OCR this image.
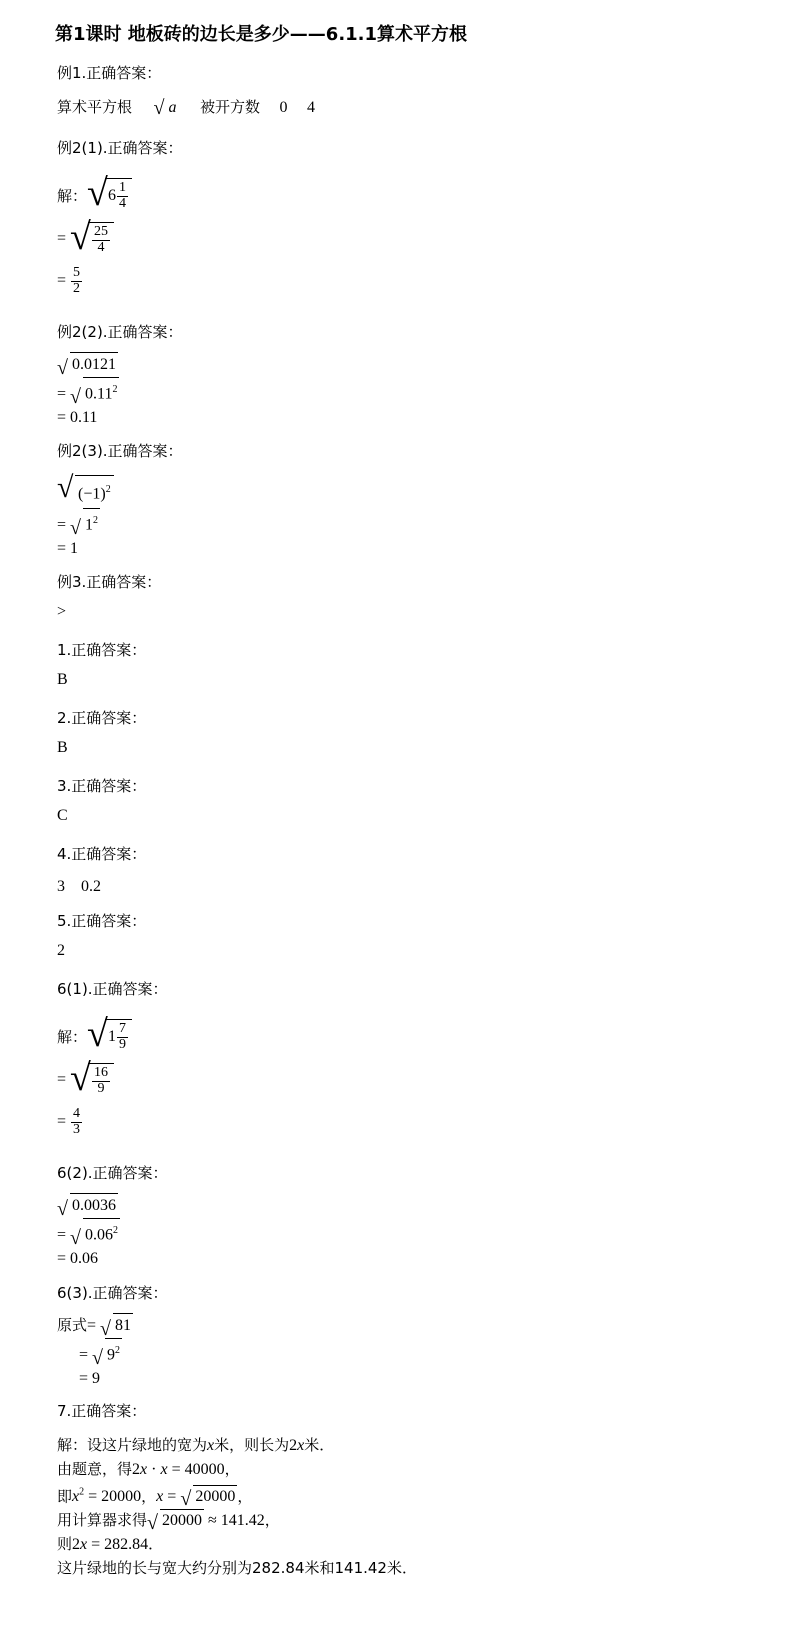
第1课时 地板砖的边长是多少——6.1.1算术平方根
例1.正确答案：
算术平方根 √ a 被开方数 0 4
例2(1).正确答案：
解： √ $6 \frac{1}{4}$
= √ $\frac{25}{4}$
= $\frac{5}{2}$
例2(2).正确答案：
√ 0.0121
= √ $0.11^2$
= 0.11
例2(3).正确答案：
√ $(-1)^2$
= √ $1^2$
= 1
例3.正确答案：
>
1.正确答案：
B
2.正确答案：
B
3.正确答案：
C
4.正确答案：
3　0.2
5.正确答案：
2
6(1).正确答案：
解： √ $1 \frac{7}{9}$
= √ $\frac{16}{9}$
= $\frac{4}{3}$
6(2).正确答案：
√ 0.0036
= √ $0.06^2$
= 0.06
6(3).正确答案：
原式= √ 81
= √ $9^2$
= 9
7.正确答案：
解：设这片绿地的宽为x米，则长为2x米．
由题意，得2x · x = 40000，
即$x^2 = 20000$，x = √ 20000 ，
用计算器求得 √ 20000 ≈ 141.42，
则2x = 282.84．
这片绿地的长与宽大约分别为282.84米和141.42米．
